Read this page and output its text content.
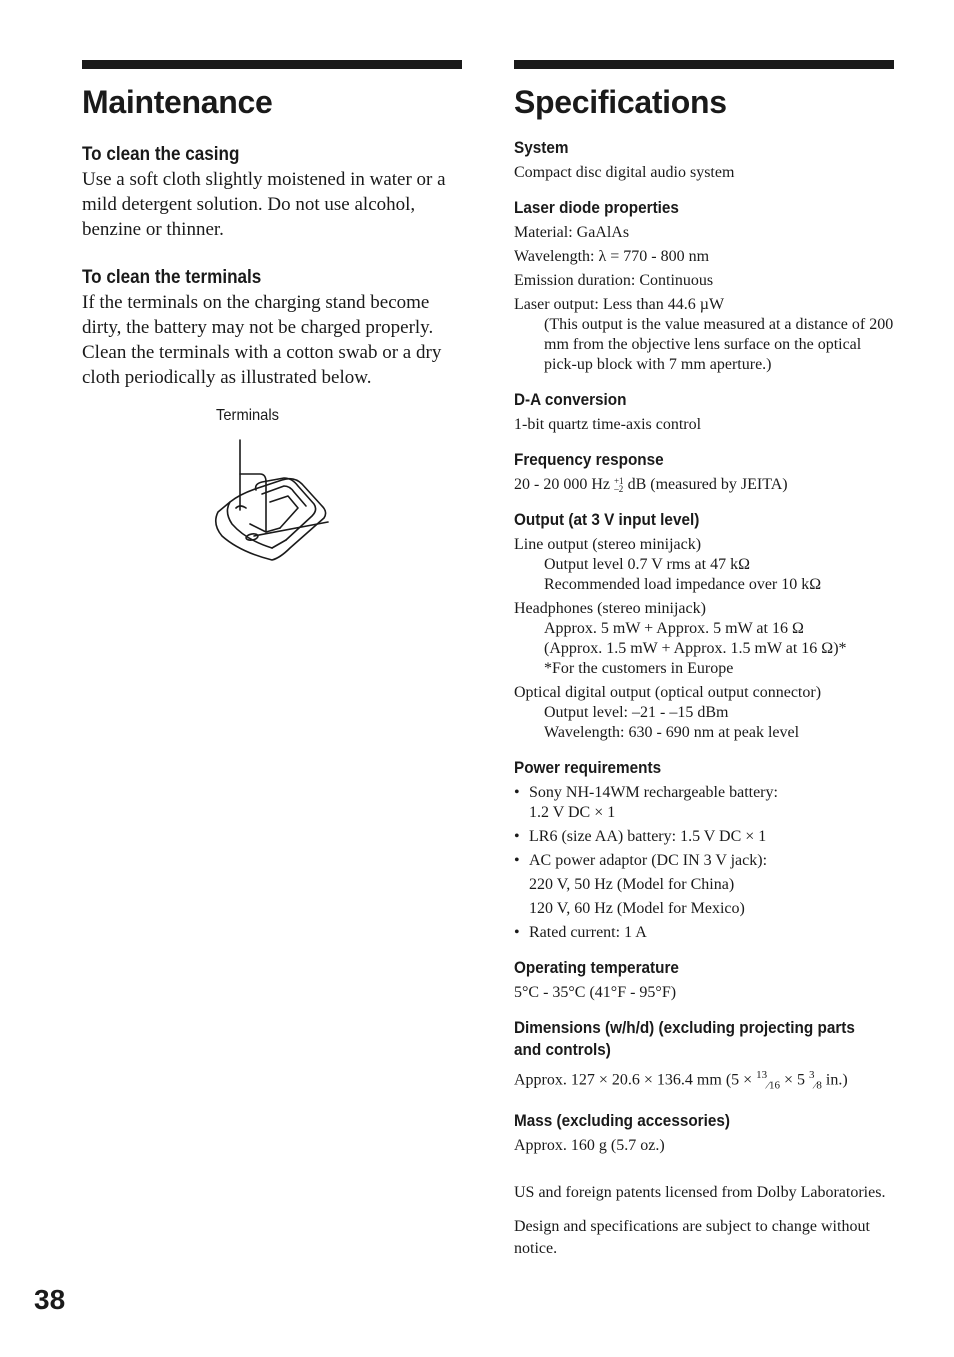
Maintenance
To clean the casing

Use a soft cloth slightly moistened in water or a mild detergent solution. Do not use alcohol, benzine or thinner.

To clean the terminals

If the terminals on the charging stand become dirty, the battery may not be charged properly. Clean the terminals with a cotton swab or a dry cloth periodically as illustrated below.

Terminals
Specifications
System
Compact disc digital audio system
Laser diode properties
Material: GaAlAs
Wavelength: λ = 770 - 800 nm
Emission duration: Continuous
Laser output: Less than 44.6 µW
(This output is the value measured at a distance of 200 mm from the objective lens surface on the optical pick-up block with 7 mm aperture.)
D-A conversion
1-bit quartz time-axis control
Frequency response
20 - 20 000 Hz +1
–2 dB (measured by JEITA)
Output (at 3 V input level)
Line output (stereo minijack)
Output level 0.7 V rms at 47 kΩ
Recommended load impedance over 10 kΩ
Headphones (stereo minijack)
Approx. 5 mW + Approx. 5 mW at 16 Ω
(Approx. 1.5 mW + Approx. 1.5 mW at 16 Ω)*
*For the customers in Europe
Optical digital output (optical output connector)
Output level: –21 - –15 dBm
Wavelength: 630 - 690 nm at peak level
Power requirements
• Sony NH-14WM rechargeable battery:
1.2 V DC × 1
• LR6 (size AA) battery: 1.5 V DC × 1
• AC power adaptor (DC IN 3 V jack):
220 V, 50 Hz (Model for China)
120 V, 60 Hz (Model for Mexico)
• Rated current: 1 A
Operating temperature
5°C - 35°C (41°F - 95°F)
Dimensions (w/h/d) (excluding projecting parts
and controls)
Approx. 127 × 20.6 × 136.4 mm (5 × $^{13}_{⁄16}$ × 5 $^3_{⁄8}$ in.)
Mass (excluding accessories)
Approx. 160 g (5.7 oz.)
US and foreign patents licensed from Dolby Laboratories.
Design and specifications are subject to change without notice.
38
